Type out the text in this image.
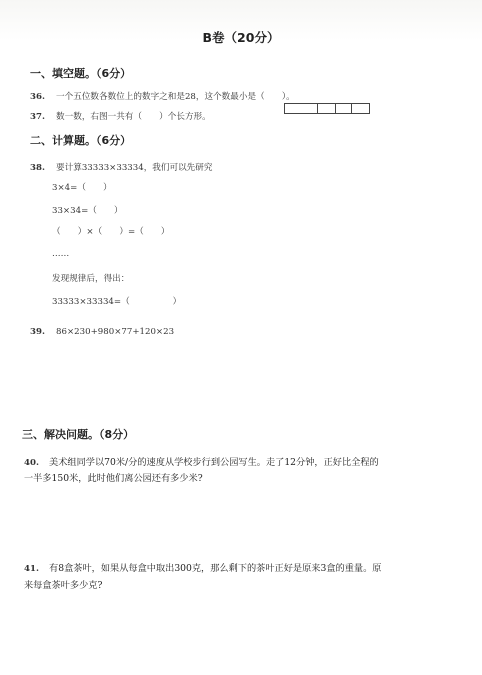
B卷（20分）
一、填空题。（6分）
36. 一个五位数各数位上的数字之和是28，这个数最小是（　　）。
37. 数一数，右图一共有（　　）个长方形。
二、计算题。（6分）
38. 要计算33333×33334，我们可以先研究
3×4=（　　）
33×34=（　　）
（　　）×（　　）=（　　）
……
发现规律后，得出：
33333×33334=（　　　　　）
39. 86×230+980×77+120×23
三、解决问题。（8分）
40. 美术组同学以70米/分的速度从学校步行到公园写生。走了12分钟，正好比全程的
一半多150米，此时他们离公园还有多少米?
41. 有8盒茶叶，如果从每盒中取出300克，那么剩下的茶叶正好是原来3盒的重量。原
来每盒茶叶多少克?
